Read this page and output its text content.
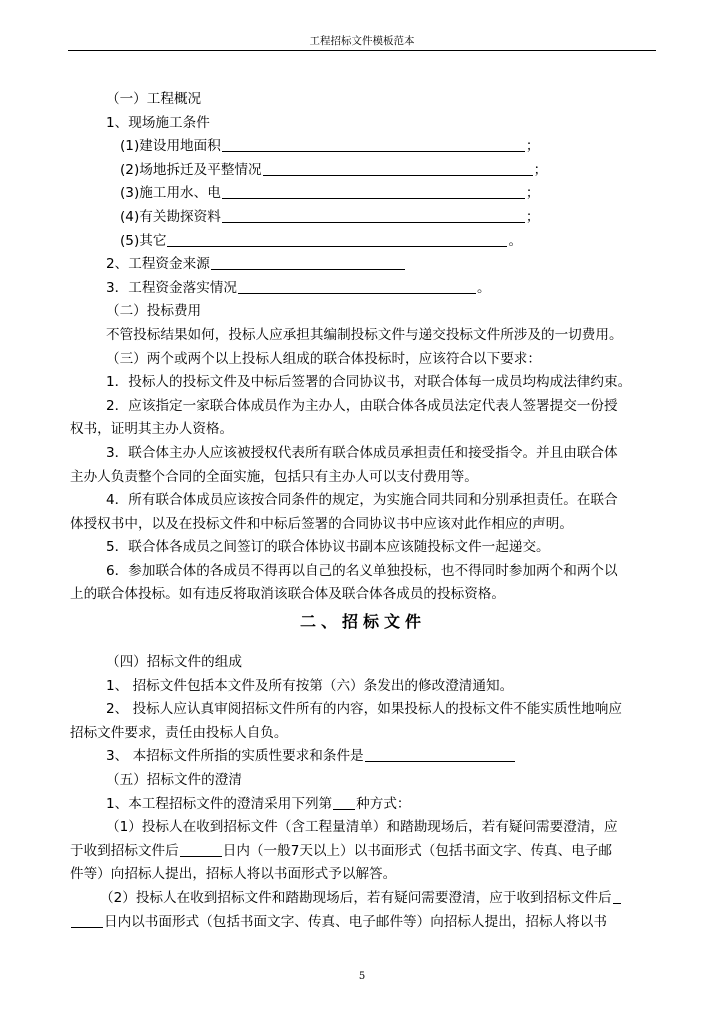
工程招标文件模板范本
（一）工程概况
1、现场施工条件
(1)建设用地面积	；
(2)场地拆迁及平整情况	；
(3)施工用水、电	；
(4)有关勘探资料	；
(5)其它	。
2、工程资金来源
3．工程资金落实情况	。
（二）投标费用
不管投标结果如何，投标人应承担其编制投标文件与递交投标文件所涉及的一切费用。
（三）两个或两个以上投标人组成的联合体投标时，应该符合以下要求：
1．投标人的投标文件及中标后签署的合同协议书，对联合体每一成员均构成法律约束。
2．应该指定一家联合体成员作为主办人，由联合体各成员法定代表人签署提交一份授
权书，证明其主办人资格。
3．联合体主办人应该被授权代表所有联合体成员承担责任和接受指令。并且由联合体
主办人负责整个合同的全面实施，包括只有主办人可以支付费用等。
4．所有联合体成员应该按合同条件的规定，为实施合同共同和分别承担责任。在联合
体授权书中，以及在投标文件和中标后签署的合同协议书中应该对此作相应的声明。
5．联合体各成员之间签订的联合体协议书副本应该随投标文件一起递交。
6．参加联合体的各成员不得再以自己的名义单独投标，也不得同时参加两个和两个以
上的联合体投标。如有违反将取消该联合体及联合体各成员的投标资格。
二、招标文件
（四）招标文件的组成
1、 招标文件包括本文件及所有按第（六）条发出的修改澄清通知。
2、 投标人应认真审阅招标文件所有的内容，如果投标人的投标文件不能实质性地响应
招标文件要求，责任由投标人自负。
3、 本招标文件所指的实质性要求和条件是
（五）招标文件的澄清
1、本工程招标文件的澄清采用下列第 种方式：
（1）投标人在收到招标文件（含工程量清单）和踏勘现场后，若有疑问需要澄清，应
于收到招标文件后	日内（一般7天以上）以书面形式（包括书面文字、传真、电子邮
件等）向招标人提出，招标人将以书面形式予以解答。
（2）投标人在收到招标文件和踏勘现场后，若有疑问需要澄清，应于收到招标文件后
日内以书面形式（包括书面文字、传真、电子邮件等）向招标人提出，招标人将以书
5
